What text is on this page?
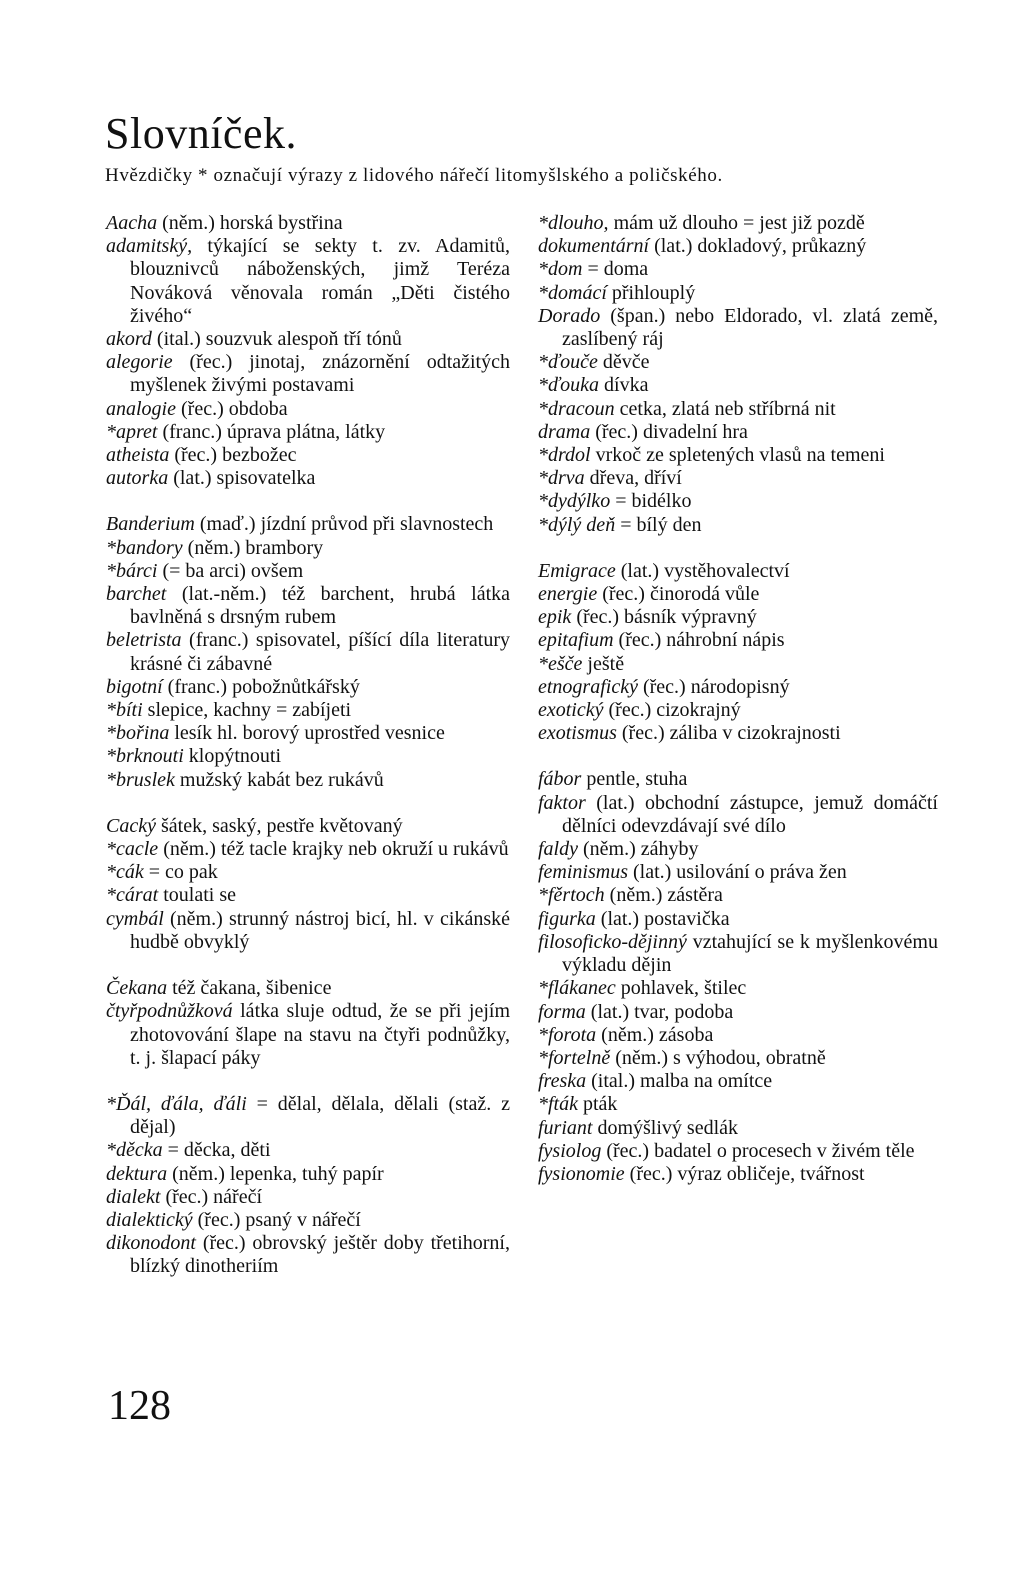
Slovníček.
Hvězdičky * označují výrazy z lidového nářečí litomyšlského a poličského.
Aacha (něm.) horská bystřina
adamitský, týkající se sekty t. zv. Adamitů, blouznivců náboženských, jimž Teréza Nováková věnovala román „Děti čistého živého“
akord (ital.) souzvuk alespoň tří tónů
alegorie (řec.) jinotaj, znázornění odtažitých myšlenek živými postavami
analogie (řec.) obdoba
*apret (franc.) úprava plátna, látky
atheista (řec.) bezbožec
autorka (lat.) spisovatelka
Banderium (maď.) jízdní průvod při slavnostech
*bandory (něm.) brambory
*bárci (= ba arci) ovšem
barchet (lat.-něm.) též barchent, hrubá látka bavlněná s drsným rubem
beletrista (franc.) spisovatel, píšící díla literatury krásné či zábavné
bigotní (franc.) pobožnůtkářský
*bíti slepice, kachny = zabíjeti
*bořina lesík hl. borový uprostřed vesnice
*brknouti klopýtnouti
*bruslek mužský kabát bez rukávů
Cacký šátek, saský, pestře květovaný
*cacle (něm.) též tacle krajky neb okruží u rukávů
*cák = co pak
*cárat toulati se
cymbál (něm.) strunný nástroj bicí, hl. v cikánské hudbě obvyklý
Čekana též čakana, šibenice
čtyřpodnůžková látka sluje odtud, že se při jejím zhotovování šlape na stavu na čtyři podnůžky, t. j. šlapací páky
*Ďál, ďála, ďáli = dělal, dělala, dělali (staž. z dějal)
*děcka = děcka, děti
dektura (něm.) lepenka, tuhý papír
dialekt (řec.) nářečí
dialektický (řec.) psaný v nářečí
dikonodont (řec.) obrovský ještěr doby třetihorní, blízký dinotheriím
*dlouho, mám už dlouho = jest již pozdě
dokumentární (lat.) dokladový, průkazný
*dom = doma
*domácí přihlouplý
Dorado (špan.) nebo Eldorado, vl. zlatá země, zaslíbený ráj
*ďouče děvče
*ďouka dívka
*dracoun cetka, zlatá neb stříbrná nit
drama (řec.) divadelní hra
*drdol vrkoč ze spletených vlasů na temeni
*drva dřeva, dříví
*dydýlko = bidélko
*dýlý deň = bílý den
Emigrace (lat.) vystěhovalectví
energie (řec.) činorodá vůle
epik (řec.) básník výpravný
epitafium (řec.) náhrobní nápis
*ešče ještě
etnografický (řec.) národopisný
exotický (řec.) cizokrajný
exotismus (řec.) záliba v cizokrajnosti
fábor pentle, stuha
faktor (lat.) obchodní zástupce, jemuž domáčtí dělníci odevzdávají své dílo
faldy (něm.) záhyby
feminismus (lat.) usilování o práva žen
*fěrtoch (něm.) zástěra
figurka (lat.) postavička
filosoficko-dějinný vztahující se k myšlenkovému výkladu dějin
*flákanec pohlavek, štilec
forma (lat.) tvar, podoba
*forota (něm.) zásoba
*fortelně (něm.) s výhodou, obratně
freska (ital.) malba na omítce
*fták pták
furiant domýšlivý sedlák
fysiolog (řec.) badatel o procesech v živém těle
fysionomie (řec.) výraz obličeje, tvářnost
128
